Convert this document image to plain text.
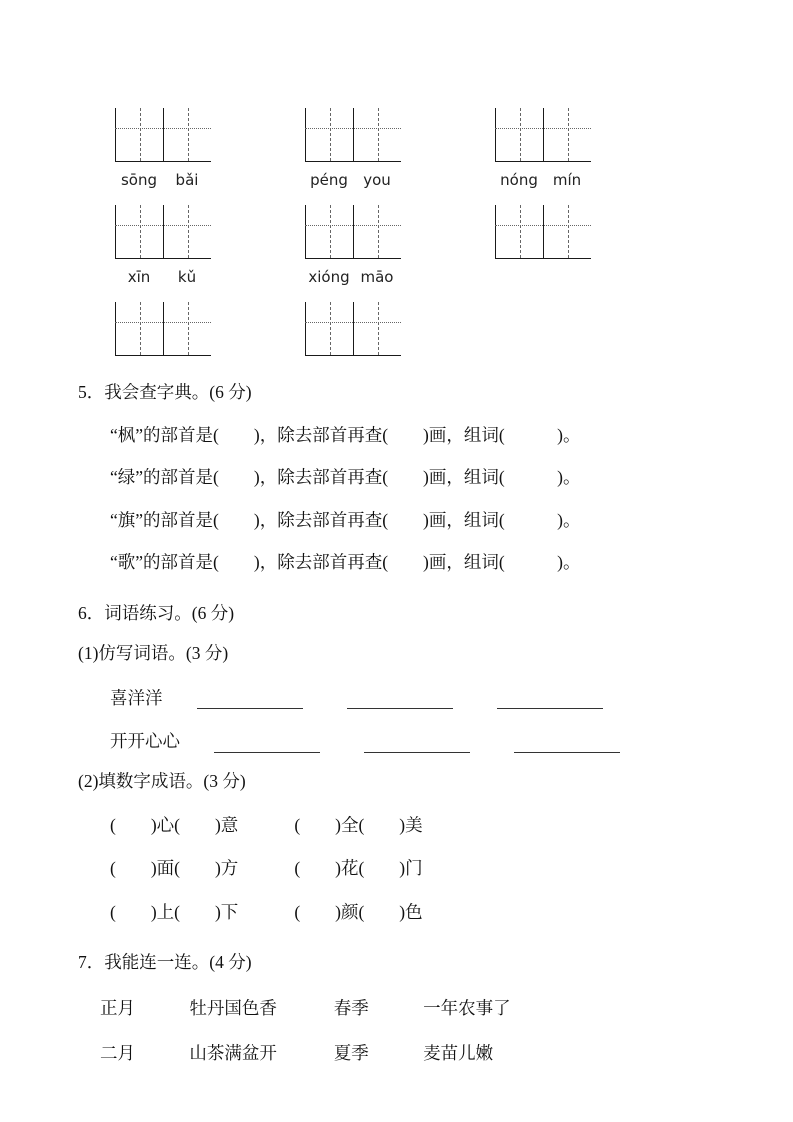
sōng	bǎi	péng	you	nóng mín
xīn	kǔ	xióng māo
5．我会查字典。(6 分)

“枫”的部首是(　　)，除去部首再查(　　)画，组词(　　　)。

“绿”的部首是(　　)，除去部首再查(　　)画，组词(　　　)。

“旗”的部首是(　　)，除去部首再查(　　)画，组词(　　　)。

“歌”的部首是(　　)，除去部首再查(　　)画，组词(　　　)。

6．词语练习。(6 分)

(1)仿写词语。(3 分)

喜洋洋
开开心心

(2)填数字成语。(3 分)

(　　)心(　　)意	(　　)全(　　)美
(　　)面(　　)方	(　　)花(　　)门
(　　)上(　　)下	(　　)颜(　　)色
7．我能连一连。(4 分)
正月	牡丹国色香	春季	一年农事了
二月	山茶满盆开	夏季	麦苗儿嫩
